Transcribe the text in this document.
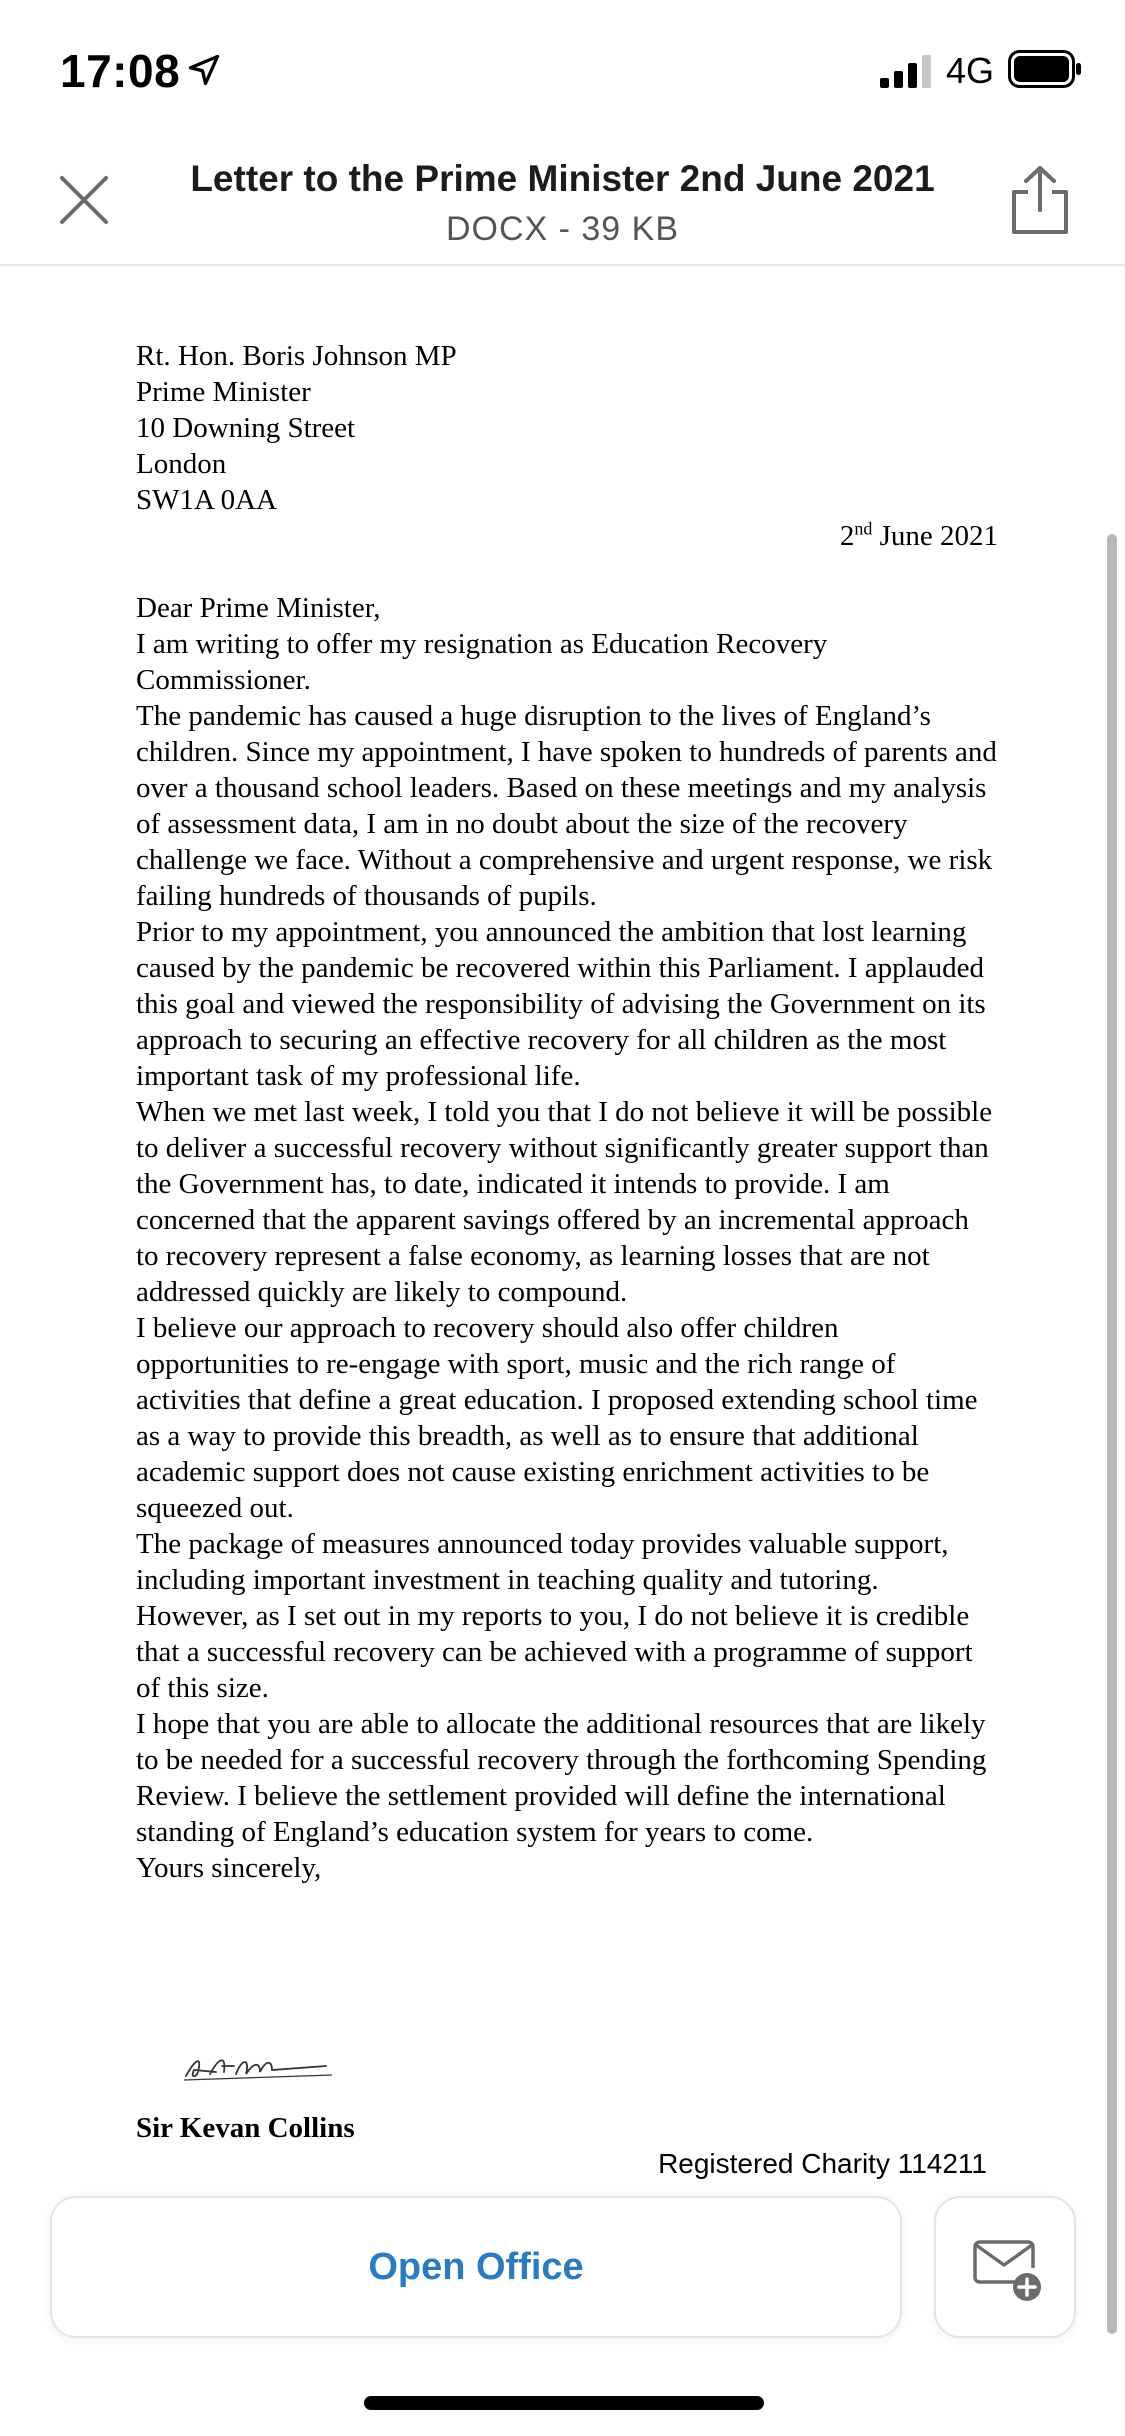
17:08	4G
Letter to the Prime Minister 2nd June 2021
DOCX - 39 KB
Rt. Hon. Boris Johnson MP
Prime Minister
10 Downing Street
London
SW1A 0AA
2nd June 2021
Dear Prime Minister,
I am writing to offer my resignation as Education Recovery Commissioner.
The pandemic has caused a huge disruption to the lives of England’s children. Since my appointment, I have spoken to hundreds of parents and over a thousand school leaders. Based on these meetings and my analysis of assessment data, I am in no doubt about the size of the recovery challenge we face. Without a comprehensive and urgent response, we risk failing hundreds of thousands of pupils.
Prior to my appointment, you announced the ambition that lost learning caused by the pandemic be recovered within this Parliament. I applauded this goal and viewed the responsibility of advising the Government on its approach to securing an effective recovery for all children as the most important task of my professional life.
When we met last week, I told you that I do not believe it will be possible to deliver a successful recovery without significantly greater support than the Government has, to date, indicated it intends to provide. I am concerned that the apparent savings offered by an incremental approach to recovery represent a false economy, as learning losses that are not addressed quickly are likely to compound.
I believe our approach to recovery should also offer children opportunities to re-engage with sport, music and the rich range of activities that define a great education. I proposed extending school time as a way to provide this breadth, as well as to ensure that additional academic support does not cause existing enrichment activities to be squeezed out.
The package of measures announced today provides valuable support, including important investment in teaching quality and tutoring. However, as I set out in my reports to you, I do not believe it is credible that a successful recovery can be achieved with a programme of support of this size.
I hope that you are able to allocate the additional resources that are likely to be needed for a successful recovery through the forthcoming Spending Review. I believe the settlement provided will define the international standing of England’s education system for years to come.
Yours sincerely,
Sir Kevan Collins
Registered Charity 114211
Open Office
